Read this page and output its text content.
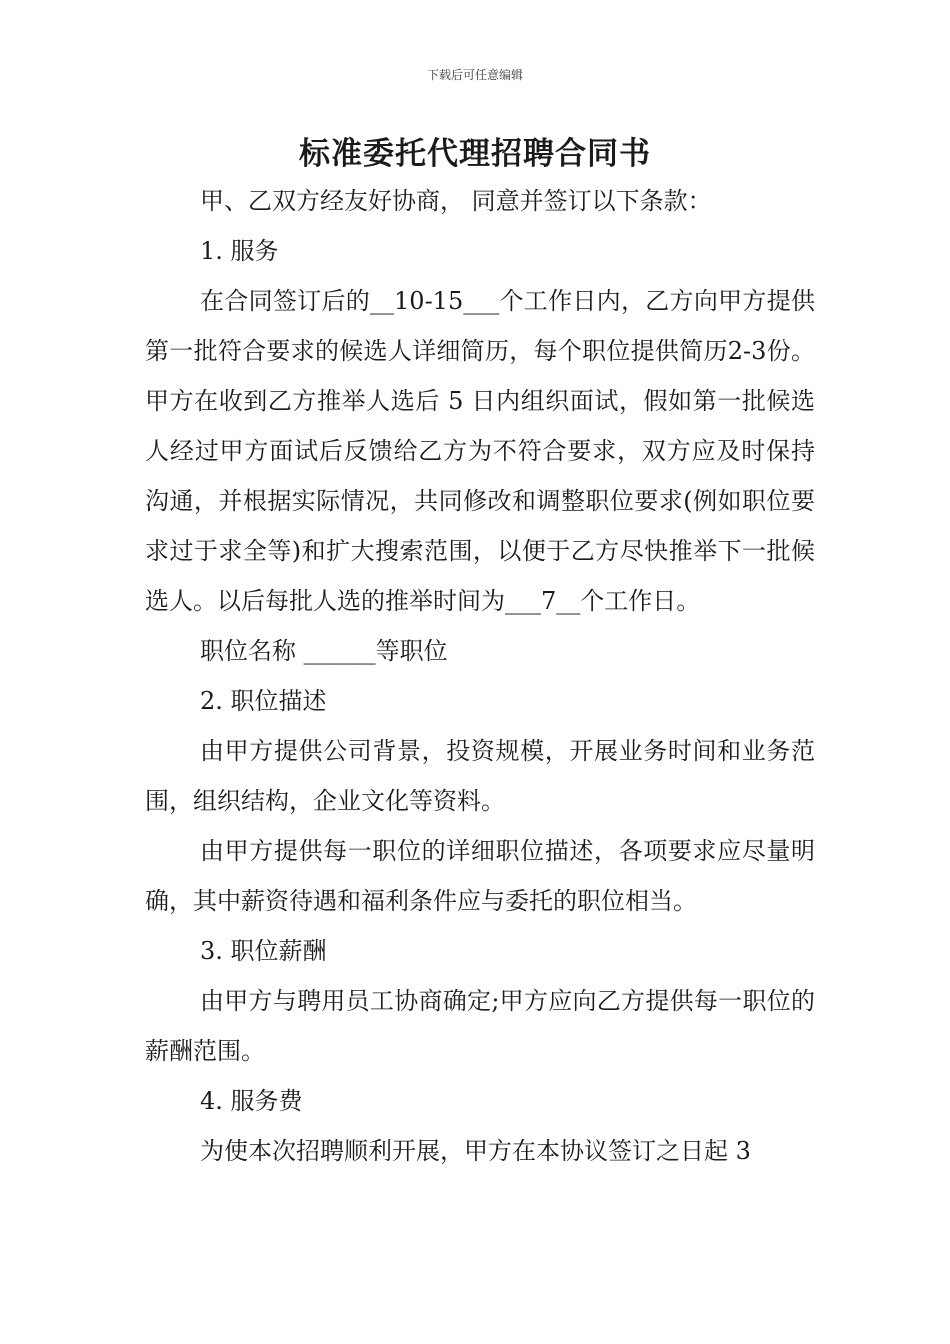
下载后可任意编辑
标准委托代理招聘合同书

甲、乙双方经友好协商， 同意并签订以下条款：

1. 服务

在合同签订后的__10-15___个工作日内，乙方向甲方提供第一批符合要求的候选人详细简历，每个职位提供简历2-3份。甲方在收到乙方推举人选后 5 日内组织面试，假如第一批候选人经过甲方面试后反馈给乙方为不符合要求，双方应及时保持沟通，并根据实际情况，共同修改和调整职位要求(例如职位要求过于求全等)和扩大搜索范围，以便于乙方尽快推举下一批候选人。以后每批人选的推举时间为___7__个工作日。

职位名称 ______等职位

2. 职位描述

由甲方提供公司背景，投资规模，开展业务时间和业务范围，组织结构，企业文化等资料。

由甲方提供每一职位的详细职位描述，各项要求应尽量明确，其中薪资待遇和福利条件应与委托的职位相当。

3. 职位薪酬

由甲方与聘用员工协商确定;甲方应向乙方提供每一职位的薪酬范围。

4. 服务费

为使本次招聘顺利开展，甲方在本协议签订之日起 3
